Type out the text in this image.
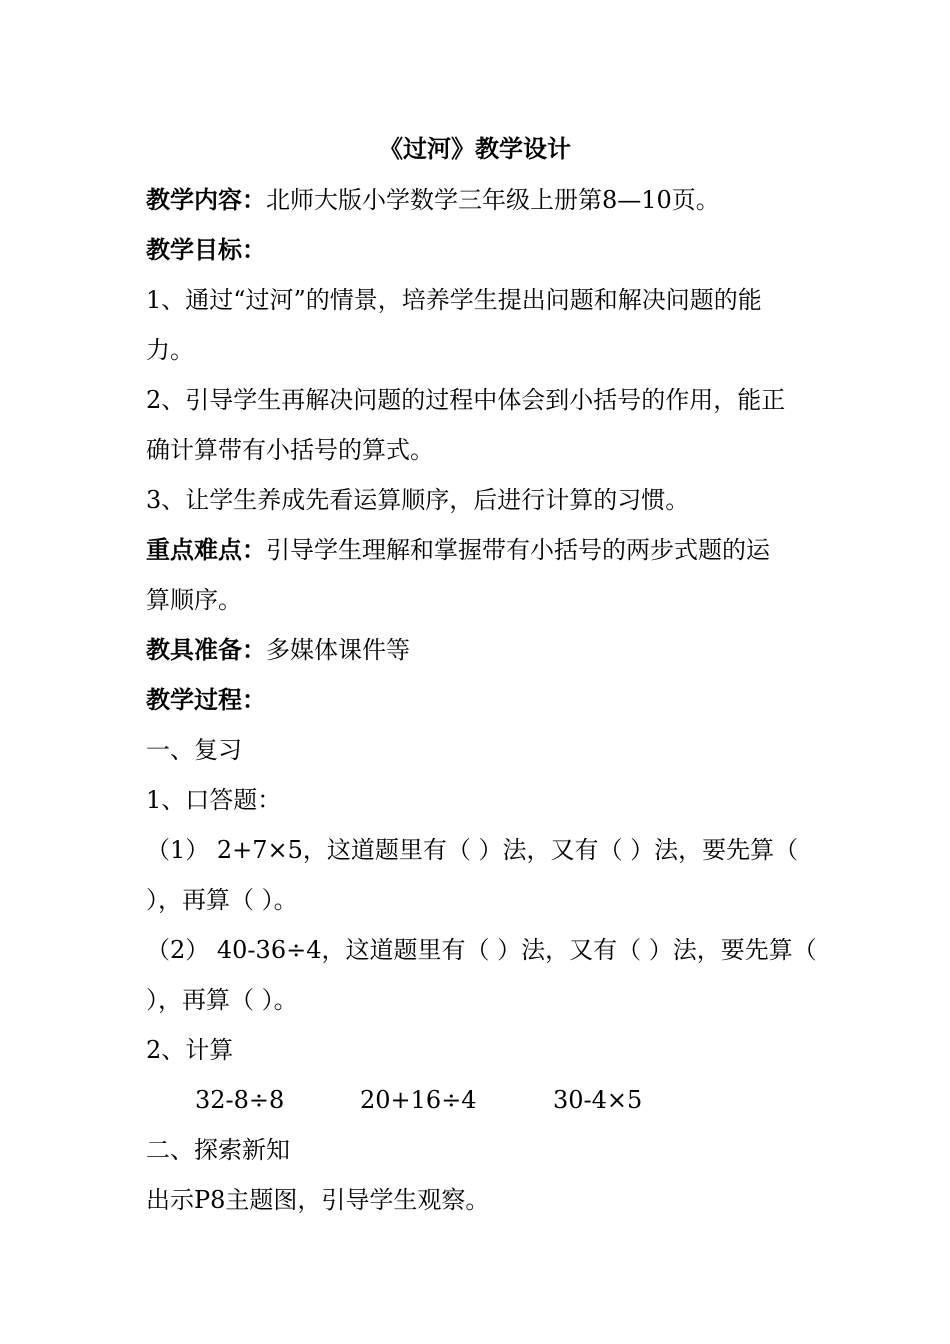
《过河》教学设计
教学内容：北师大版小学数学三年级上册第8—10页。
教学目标：
1、通过“过河”的情景，培养学生提出问题和解决问题的能
力。
2、引导学生再解决问题的过程中体会到小括号的作用，能正
确计算带有小括号的算式。
3、让学生养成先看运算顺序，后进行计算的习惯。
重点难点：引导学生理解和掌握带有小括号的两步式题的运
算顺序。
教具准备：多媒体课件等
教学过程：
一、复习
1、口答题：
（1） 2+7×5，这道题里有（ ）法，又有（ ）法，要先算（
），再算（ ）。
（2） 40-36÷4，这道题里有（ ）法，又有（ ）法，要先算（
），再算（ ）。
2、计算
32-8÷8	20+16÷4	30-4×5
二、探索新知
出示P8主题图，引导学生观察。
